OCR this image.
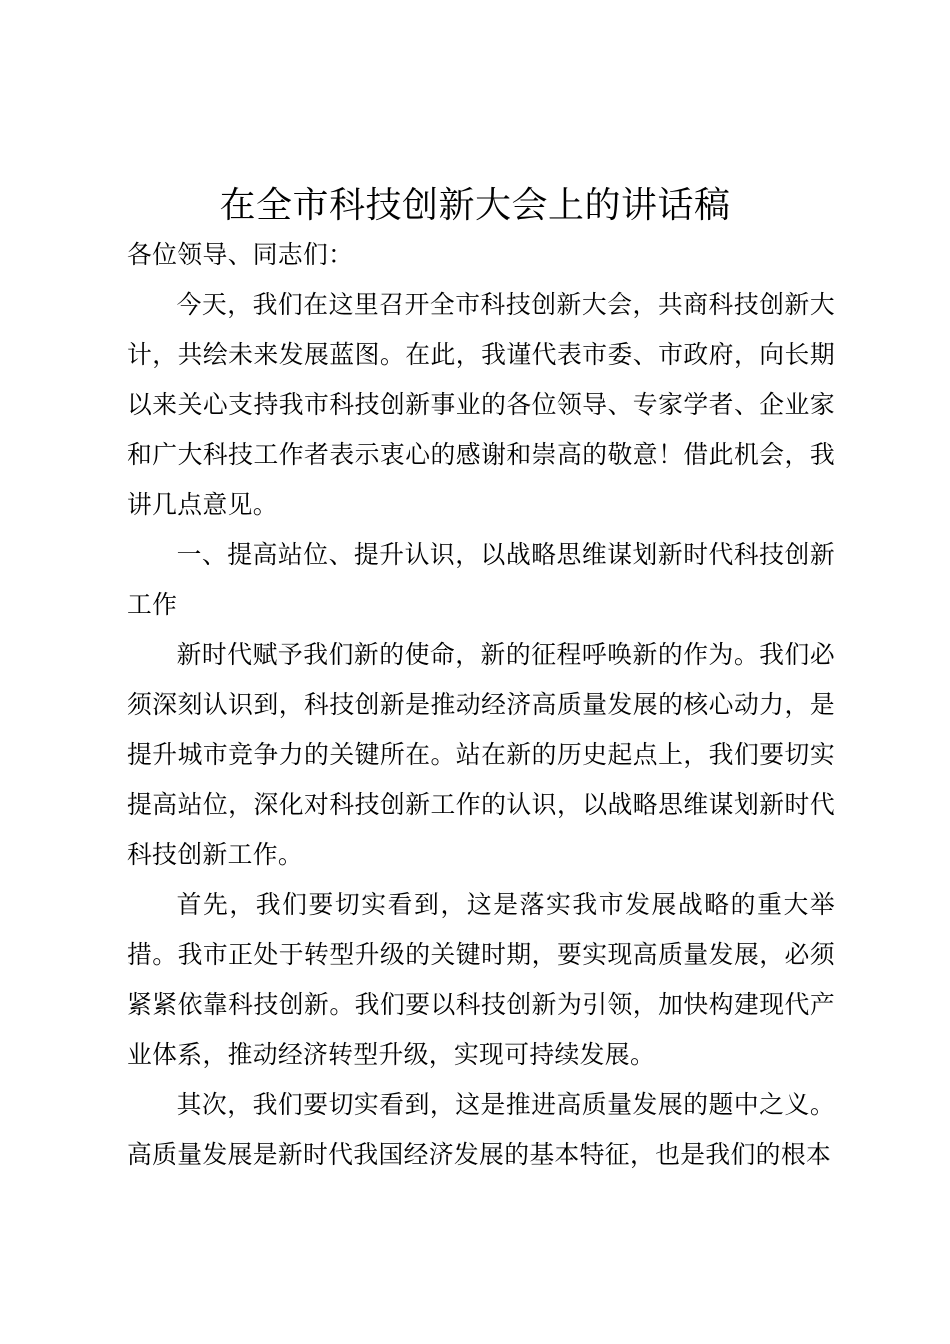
在全市科技创新大会上的讲话稿

各位领导、同志们：

今天，我们在这里召开全市科技创新大会，共商科技创新大计，共绘未来发展蓝图。在此，我谨代表市委、市政府，向长期以来关心支持我市科技创新事业的各位领导、专家学者、企业家和广大科技工作者表示衷心的感谢和崇高的敬意！借此机会，我讲几点意见。

一、提高站位、提升认识，以战略思维谋划新时代科技创新工作

新时代赋予我们新的使命，新的征程呼唤新的作为。我们必须深刻认识到，科技创新是推动经济高质量发展的核心动力，是提升城市竞争力的关键所在。站在新的历史起点上，我们要切实提高站位，深化对科技创新工作的认识，以战略思维谋划新时代科技创新工作。

首先，我们要切实看到，这是落实我市发展战略的重大举措。我市正处于转型升级的关键时期，要实现高质量发展，必须紧紧依靠科技创新。我们要以科技创新为引领，加快构建现代产业体系，推动经济转型升级，实现可持续发展。

其次，我们要切实看到，这是推进高质量发展的题中之义。高质量发展是新时代我国经济发展的基本特征，也是我们的根本
